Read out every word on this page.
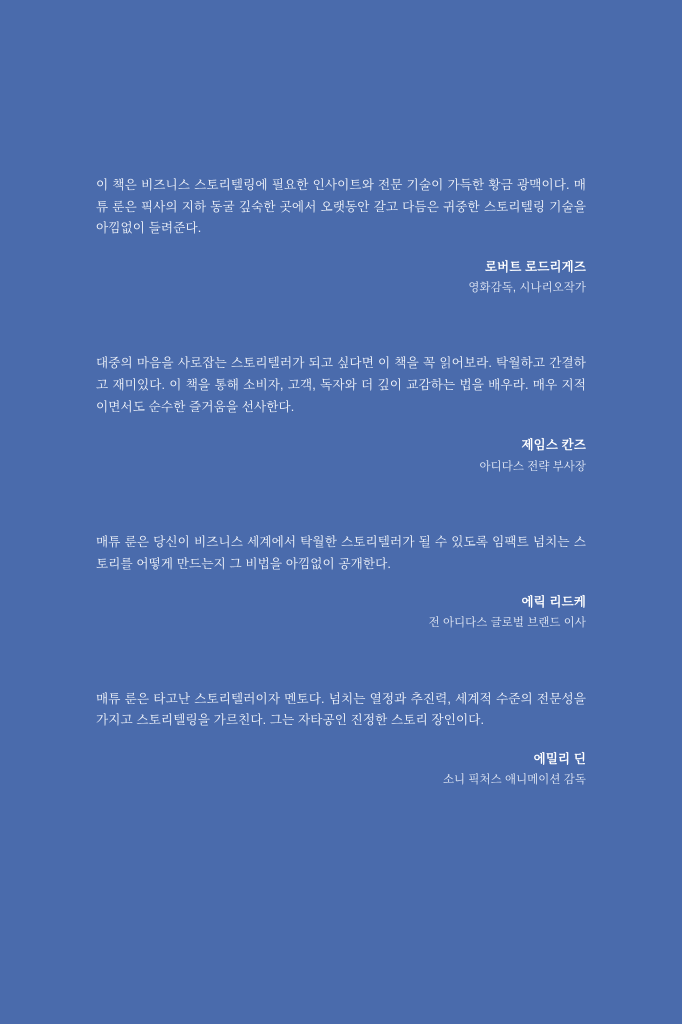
이 책은 비즈니스 스토리텔링에 필요한 인사이트와 전문 기술이 가득한 황금 광맥이다. 매튜 룬은 픽사의 지하 동굴 깊숙한 곳에서 오랫동안 갈고 다듬은 귀중한 스토리텔링 기술을 아낌없이 들려준다.

로버트 로드리게즈
영화감독, 시나리오작가

대중의 마음을 사로잡는 스토리텔러가 되고 싶다면 이 책을 꼭 읽어보라. 탁월하고 간결하고 재미있다. 이 책을 통해 소비자, 고객, 독자와 더 깊이 교감하는 법을 배우라. 매우 지적이면서도 순수한 즐거움을 선사한다.

제임스 칸즈
아디다스 전략 부사장

매튜 룬은 당신이 비즈니스 세계에서 탁월한 스토리텔러가 될 수 있도록 임팩트 넘치는 스토리를 어떻게 만드는지 그 비법을 아낌없이 공개한다.

에릭 리드케
전 아디다스 글로벌 브랜드 이사

매튜 룬은 타고난 스토리텔러이자 멘토다. 넘치는 열정과 추진력, 세계적 수준의 전문성을 가지고 스토리텔링을 가르친다. 그는 자타공인 진정한 스토리 장인이다.

에밀리 딘
소니 픽처스 애니메이션 감독
